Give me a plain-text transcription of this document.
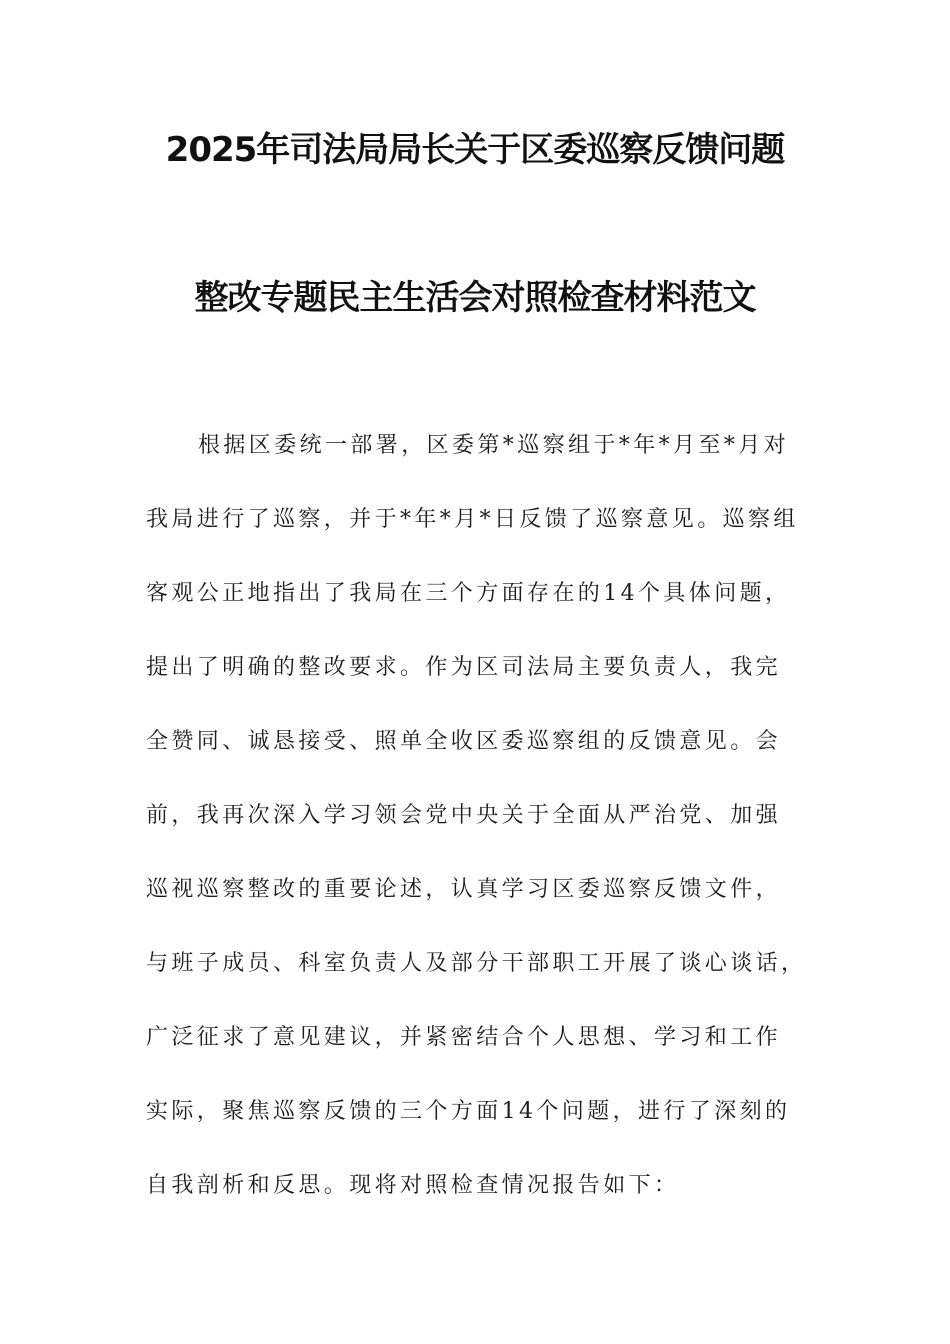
2025年司法局局长关于区委巡察反馈问题
整改专题民主生活会对照检查材料范文
根据区委统一部署，区委第*巡察组于*年*月至*月对
我局进行了巡察，并于*年*月*日反馈了巡察意见。巡察组
客观公正地指出了我局在三个方面存在的14个具体问题，
提出了明确的整改要求。作为区司法局主要负责人，我完
全赞同、诚恳接受、照单全收区委巡察组的反馈意见。会
前，我再次深入学习领会党中央关于全面从严治党、加强
巡视巡察整改的重要论述，认真学习区委巡察反馈文件，
与班子成员、科室负责人及部分干部职工开展了谈心谈话，
广泛征求了意见建议，并紧密结合个人思想、学习和工作
实际，聚焦巡察反馈的三个方面14个问题，进行了深刻的
自我剖析和反思。现将对照检查情况报告如下：
